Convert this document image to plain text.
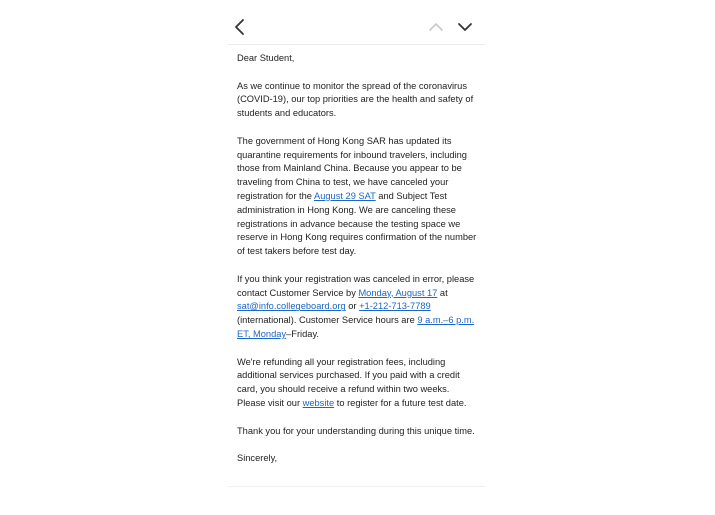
Dear Student,

As we continue to monitor the spread of the coronavirus (COVID-19), our top priorities are the health and safety of students and educators.

The government of Hong Kong SAR has updated its quarantine requirements for inbound travelers, including those from Mainland China. Because you appear to be traveling from China to test, we have canceled your registration for the August 29 SAT and Subject Test administration in Hong Kong. We are canceling these registrations in advance because the testing space we reserve in Hong Kong requires confirmation of the number of test takers before test day.

If you think your registration was canceled in error, please contact Customer Service by Monday, August 17 at sat@info.collegeboard.org or +1-212-713-7789 (international). Customer Service hours are 9 a.m.–6 p.m. ET, Monday–Friday.

We're refunding all your registration fees, including additional services purchased. If you paid with a credit card, you should receive a refund within two weeks. Please visit our website to register for a future test date.

Thank you for your understanding during this unique time.

Sincerely,
